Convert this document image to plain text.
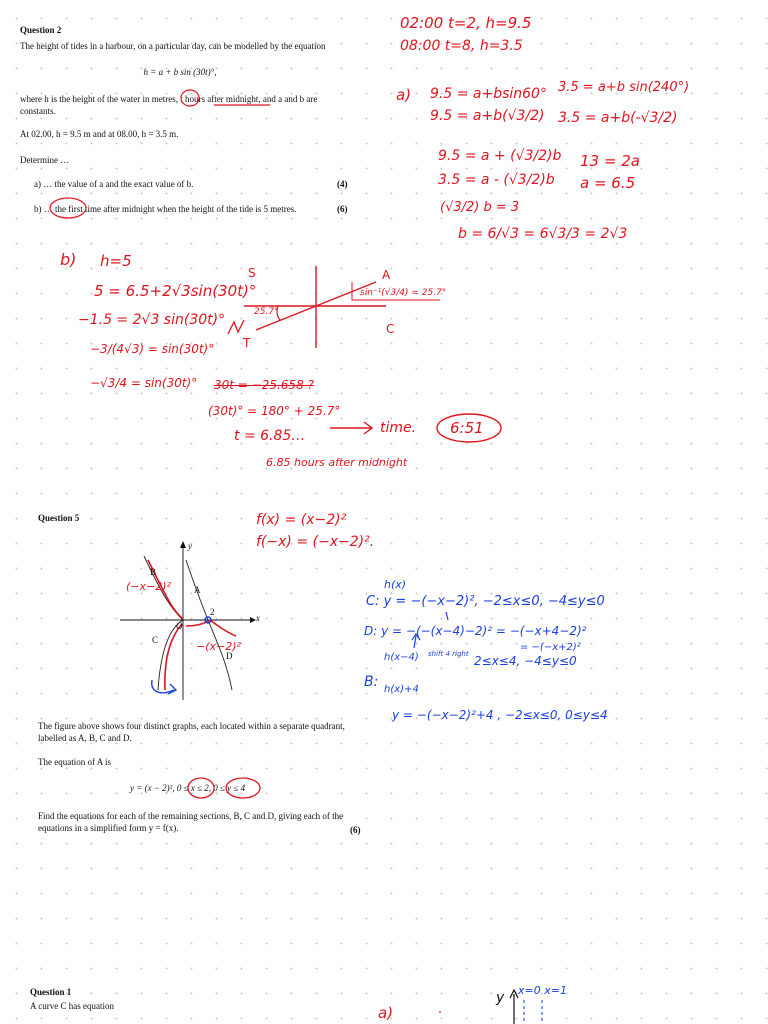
Question 2
The height of tides in a harbour, on a particular day, can be modelled by the equation
h = a + b sin (30t)°,
where h is the height of the water in metres, t hours after midnight, and a and b are constants.
At 02.00, h = 9.5 m and at 08.00, h = 3.5 m.
Determine …
a) … the value of a and the exact value of b.	(4)
b) … the first time after midnight when the height of the tide is 5 metres.	(6)
02:00 t=2, h=9.5
08:00 t=8, h=3.5
a) 9.5 = a+bsin60°
9.5 = a+b(√3/2)
3.5 = a+b sin(240°)
3.5 = a+b(-√3/2)
9.5 = a + (√3/2)b
3.5 = a - (√3/2)b
13 = 2a
a = 6.5
(√3/2) b = 3
b = 6/√3 = 6√3/3 = 2√3
b) h=5
5 = 6.5+2√3sin(30t)°
−1.5 = 2√3 sin(30t)°
−3/(4√3) = sin(30t)°
−√3/4 = sin(30t)°
S	A
T
C
25.7°
sin⁻¹(√3/4) = 25.7°
30t = −25.658 ?
(30t)° = 180° + 25.7°
t = 6.85…	time. 6:51
6.85 hours after midnight
Question 5	f(x) = (x−2)²
f(−x) = (−x−2)².
y
x
O
2
A
B
C
D
(−x−2)²
−(x−2)²
The figure above shows four distinct graphs, each located within a separate quadrant, labelled as A, B, C and D.
The equation of A is
y = (x − 2)², 0 ≤ x ≤ 2, 0 ≤ y ≤ 4
Find the equations for each of the remaining sections, B, C and D, giving each of the equations in a simplified form y = f(x).	(6)
h(x)
C: y = −(−x−2)², −2≤x≤0, −4≤y≤0
D: y = −(−(x−4)−2)² = −(−x+4−2)²
= −(−x+2)²
h(x−4) shift 4 right 2≤x≤4, −4≤y≤0
B: h(x)+4
y = −(−x−2)²+4 , −2≤x≤0, 0≤y≤4
Question 1
A curve C has equation	a)
x=0 x=1
y
